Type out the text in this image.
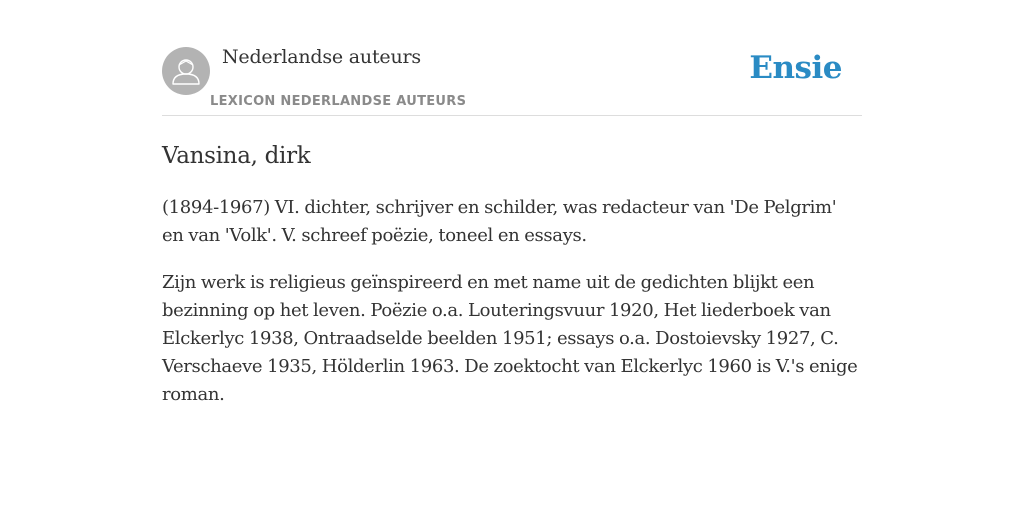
Nederlandse auteurs
LEXICON NEDERLANDSE AUTEURS
Ensie
Vansina, dirk

(1894-1967) VI. dichter, schrijver en schilder, was redacteur van 'De Pelgrim' en van 'Volk'. V. schreef poëzie, toneel en essays.

Zijn werk is religieus geïnspireerd en met name uit de gedichten blijkt een bezinning op het leven. Poëzie o.a. Louteringsvuur 1920, Het liederboek van Elckerlyc 1938, Ontraadselde beelden 1951; essays o.a. Dostoievsky 1927, C. Verschaeve 1935, Hölderlin 1963. De zoektocht van Elckerlyc 1960 is V.'s enige roman.
